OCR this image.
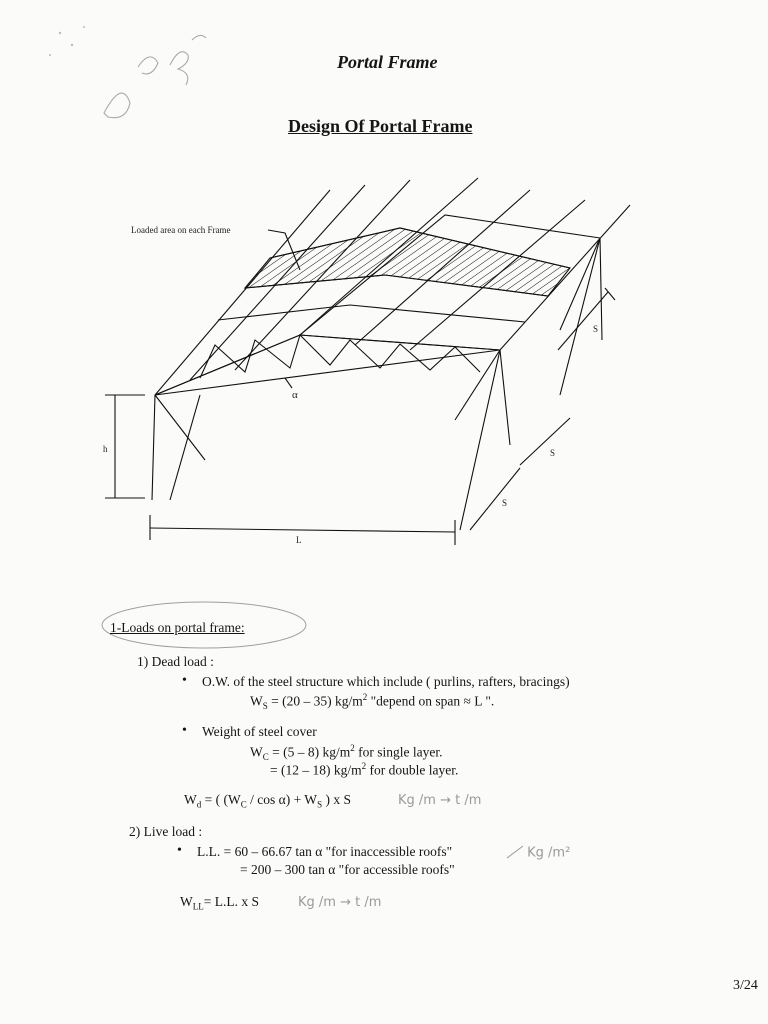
Portal Frame
Design Of Portal Frame
Loaded area on each Frame
α
h
L
S
S
S
1-Loads on portal frame:
1) Dead load :
• O.W. of the steel structure which include ( purlins, rafters, bracings)
$W_S = (20 - 35)$ $kg/m^2$ "depend on span ≈ L ".
• Weight of steel cover
$W_C = (5 - 8)$ $kg/m^2$ for single layer.
= (12 – 18) $kg/m^2$ for double layer.
$W_d$ = ( $(W_C / \cos \alpha) + W_S$ ) x S	Kg /m → t /m
2) Live load :
• L.L. = 60 – 66.67 tan α "for inaccessible roofs"	Kg /m²
= 200 – 300 tan α "for accessible roofs"
$W_{LL}= L.L$. x S	Kg /m → t /m
3/24
